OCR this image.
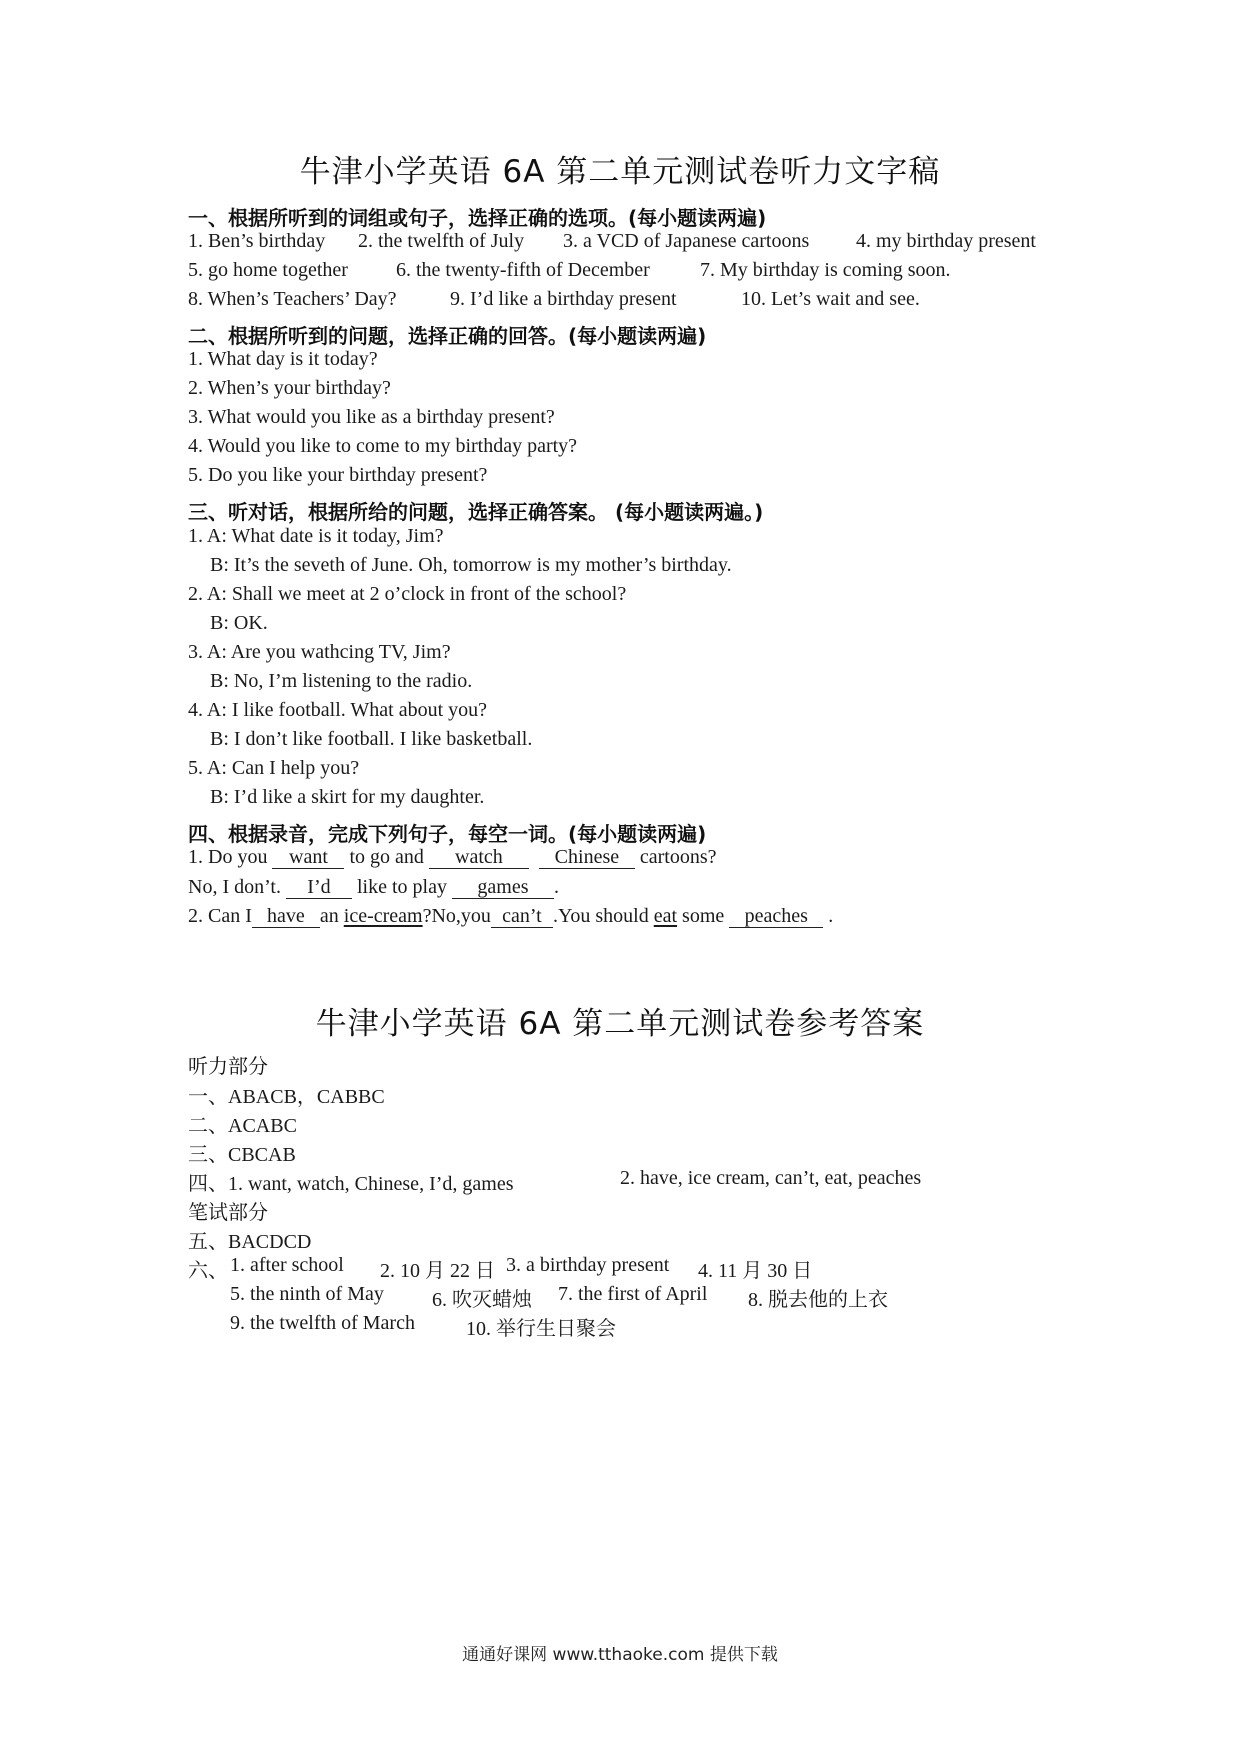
牛津小学英语 6A 第二单元测试卷听力文字稿
一、根据所听到的词组或句子，选择正确的选项。(每小题读两遍)
1. Ben’s birthday 2. the twelfth of July 3. a VCD of Japanese cartoons 4. my birthday present
5. go home together 6. the twenty-fifth of December	7. My birthday is coming soon.
8. When’s Teachers’ Day?	9. I’d like a birthday present	10. Let’s wait and see.
二、根据所听到的问题，选择正确的回答。(每小题读两遍)
1. What day is it today?
2. When’s your birthday?
3. What would you like as a birthday present?
4. Would you like to come to my birthday party?
5. Do you like your birthday present?
三、听对话，根据所给的问题，选择正确答案。 (每小题读两遍。)
1. A: What date is it today, Jim?
B: It’s the seveth of June. Oh, tomorrow is my mother’s birthday.
2. A: Shall we meet at 2 o’clock in front of the school?
B: OK.
3. A: Are you wathcing TV, Jim?
B: No, I’m listening to the radio.
4. A: I like football. What about you?
B: I don’t like football. I like basketball.
5. A: Can I help you?
B: I’d like a skirt for my daughter.
四、根据录音，完成下列句子，每空一词。(每小题读两遍)
1. Do you want to go and watch	Chinese cartoons?
No, I don’t. I’d like to play games .
2. Can I have an ice-cream?No,you can’t .You should eat some peaches .
牛津小学英语 6A 第二单元测试卷参考答案
听力部分
一、ABACB，CABBC
二、ACABC
三、CBCAB
四、1. want, watch, Chinese, I’d, games	2. have, ice cream, can’t, eat, peaches
笔试部分
五、BACDCD
六、 1. after school 2. 10 月 22 日 3. a birthday present 4. 11 月 30 日
5. the ninth of May 6. 吹灭蜡烛 7. the first of April 8. 脱去他的上衣
9. the twelfth of March	10. 举行生日聚会
通通好课网 www.tthaoke.com 提供下载
